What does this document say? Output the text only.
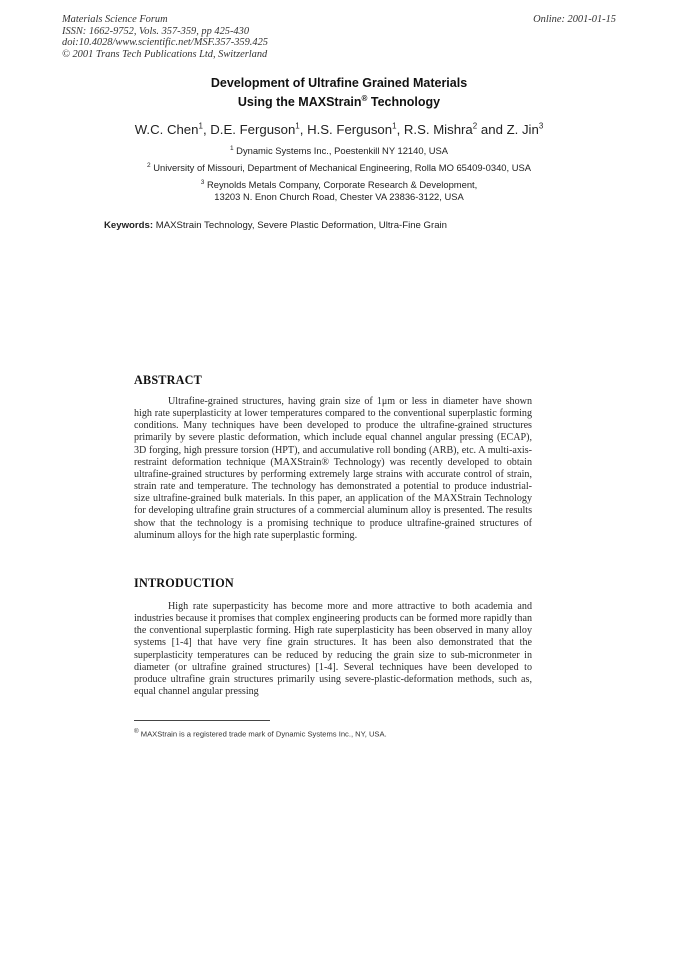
Materials Science Forum
ISSN: 1662-9752, Vols. 357-359, pp 425-430
doi:10.4028/www.scientific.net/MSF.357-359.425
© 2001 Trans Tech Publications Ltd, Switzerland
Online: 2001-01-15
Development of Ultrafine Grained Materials
Using the MAXStrain® Technology
W.C. Chen$^1$, D.E. Ferguson$^1$, H.S. Ferguson$^1$, R.S. Mishra$^2$ and Z. Jin$^3$
$^1$ Dynamic Systems Inc., Poestenkill NY 12140, USA
$^2$ University of Missouri, Department of Mechanical Engineering, Rolla MO 65409-0340, USA
$^3$ Reynolds Metals Company, Corporate Research & Development,
13203 N. Enon Church Road, Chester VA 23836-3122, USA
Keywords: MAXStrain Technology, Severe Plastic Deformation, Ultra-Fine Grain
ABSTRACT
Ultrafine-grained structures, having grain size of 1μm or less in diameter have shown high rate superplasticity at lower temperatures compared to the conventional superplastic forming conditions. Many techniques have been developed to produce the ultrafine-grained structures primarily by severe plastic deformation, which include equal channel angular pressing (ECAP), 3D forging, high pressure torsion (HPT), and accumulative roll bonding (ARB), etc. A multi-axis-restraint deformation technique (MAXStrain® Technology) was recently developed to obtain ultrafine-grained structures by performing extremely large strains with accurate control of strain, strain rate and temperature. The technology has demonstrated a potential to produce industrial-size ultrafine-grained bulk materials. In this paper, an application of the MAXStrain Technology for developing ultrafine grain structures of a commercial aluminum alloy is presented. The results show that the technology is a promising technique to produce ultrafine-grained structures of aluminum alloys for the high rate superplastic forming.
INTRODUCTION
High rate superpasticity has become more and more attractive to both academia and industries because it promises that complex engineering products can be formed more rapidly than the conventional superplastic forming. High rate superplasticity has been observed in many alloy systems [1-4] that have very fine grain structures. It has been also demonstrated that the superplasticity temperatures can be reduced by reducing the grain size to sub-micronmeter in diameter (or ultrafine grained structures) [1-4]. Several techniques have been developed to produce ultrafine grain structures primarily using severe-plastic-deformation methods, such as, equal channel angular pressing
® MAXStrain is a registered trade mark of Dynamic Systems Inc., NY, USA.
